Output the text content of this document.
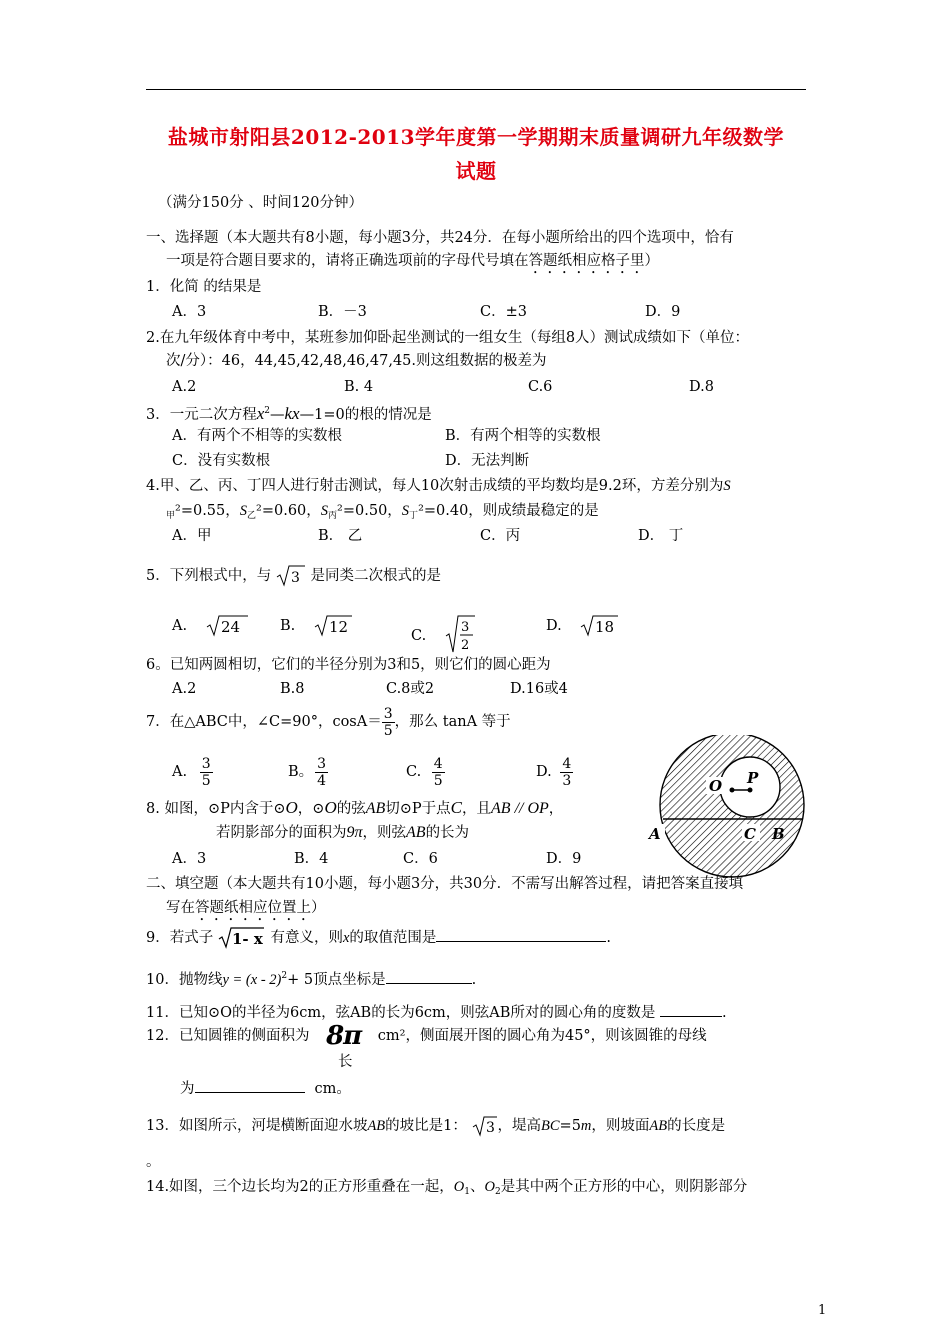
盐城市射阳县2012-2013学年度第一学期期末质量调研九年级数学
试题
（满分150分 、时间120分钟）
一、选择题（本大题共有8小题，每小题3分，共24分．在每小题所给出的四个选项中，恰有
一项是符合题目要求的，请将正确选项前的字母代号填在答题纸相应格子里）
1．化简 的结果是
A．3	B．－3	C．±3	D．9
2.在九年级体育中考中，某班参加仰卧起坐测试的一组女生（每组8人）测试成绩如下（单位：
次/分）：46，44,45,42,48,46,47,45.则这组数据的极差为
A.2	B. 4	C.6	D.8
3．一元二次方程$x^2—kx—1=0$的根的情况是
A．有两个不相等的实数根	B．有两个相等的实数根
C．没有实数根	D．无法判断
4.甲、乙、丙、丁四人进行射击测试，每人10次射击成绩的平均数均是9.2环，方差分别为S
$_甲$²=0.55，$S_乙^2=0.60$，$S_丙^2=0.50$，$S_丁^2=0.40$，则成绩最稳定的是
A．甲	B． 乙	C．丙	D． 丁
5．下列根式中，与 3 是同类二次根式的是
A. 24	B. 12	C.
3
2
D. 18
6。已知两圆相切，它们的半径分别为3和5，则它们的圆心距为
A.2	B.8	C.8或2	D.16或4
7．在△ABC中，∠C=90°，$\cos A= \frac{3}{5}$ ，那么 tanA 等于
A. $\frac{3}{5}$	B。 $\frac{3}{4}$	C. $\frac{4}{5}$	D. $\frac{4}{3}$
8. 如图，⊙P内含于⊙O，⊙O的弦AB切⊙P于点C，且AB // OP，
若阴影部分的面积为9π，则弦AB的长为
A．3	B．4	C．6	D．9
O P
A	C B
二、填空题（本大题共有10小题，每小题3分，共30分．不需写出解答过程，请把答案直接填
写在答题纸相应位置上）
9．若式子 1- x 有意义，则x的取值范围是	.
10．抛物线y = (x - 2)$^2$+ 5顶点坐标是	.
11．已知⊙O的半径为6cm，弦AB的长为6cm，则弦AB所对的圆心角的度数是	.
12．已知圆锥的侧面积为 8π cm²，侧面展开图的圆心角为45°，则该圆锥的母线
长
为	cm。
13．如图所示，河堤横断面迎水坡AB的坡比是1： 3 ，堤高BC=5m，则坡面AB的长度是
。
14.如图，三个边长均为2的正方形重叠在一起，$O_1$、$O_2$是其中两个正方形的中心，则阴影部分
1
